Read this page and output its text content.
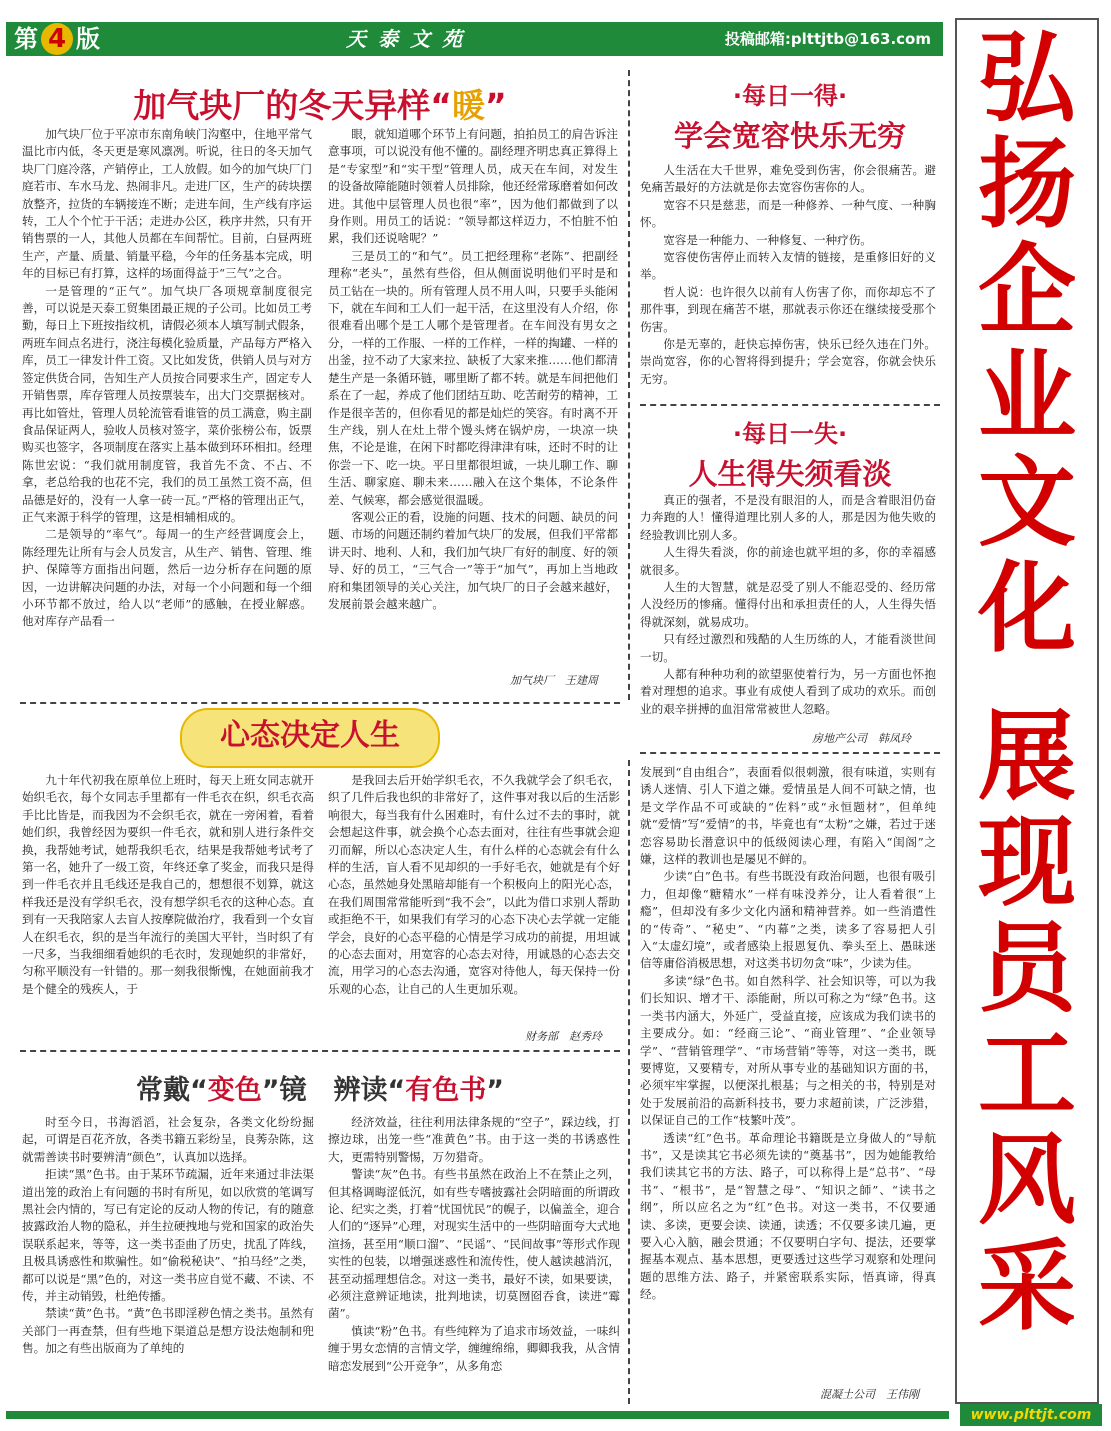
第 4 版	天泰文苑	投稿邮箱:plttjtb@163.com 弘
扬
企
业
文
化
展
现
员
工
风
采
加气块厂的冬天异样“暖”

加气块厂位于平凉市东南角峡门沟壑中，住地平常气温比市内低，冬天更是寒风凛冽。听说，往日的冬天加气块厂门庭冷落，产销停止，工人放假。如今的加气块厂门庭若市、车水马龙、热闹非凡。走进厂区，生产的砖块摆放整齐，拉货的车辆接连不断；走进车间，生产线有序运转，工人个个忙于干活；走进办公区，秩序井然，只有开销售票的一人，其他人员都在车间帮忙。目前，白昼两班生产，产量、质量、销量平稳，今年的任务基本完成，明年的目标已有打算，这样的场面得益于“三气”之合。

一是管理的“正气”。加气块厂各项规章制度很完善，可以说是天泰工贸集团最正规的子公司。比如员工考勤，每日上下班按指纹机，请假必须本人填写制式假条，两班车间点名进行，浇注每模化验质量，产品每方严格入库，员工一律发计件工资。又比如发货，供销人员与对方签定供货合同，告知生产人员按合同要求生产，固定专人开销售票，库存管理人员按票装车，出大门交票据核对。再比如管灶，管理人员轮流管看谁管的员工满意，购主副食品保证两人，验收人员核对签字，菜价张榜公布，饭票购买也签字，各项制度在落实上基本做到环环相扣。经理陈世宏说：“我们就用制度管，我首先不贪、不占、不拿，老总给我的也花不完，我们的员工虽然工资不高，但品德是好的，没有一人拿一砖一瓦。”严格的管理出正气，正气来源于科学的管理，这是相辅相成的。

二是领导的“率气”。每周一的生产经营调度会上，陈经理先让所有与会人员发言，从生产、销售、管理、维护、保障等方面指出问题，然后一边分析存在问题的原因，一边讲解决问题的办法，对每一个小问题和每一个细小环节都不放过，给人以“老师”的感触，在授业解惑。他对库存产品看一

眼，就知道哪个环节上有问题，拍拍员工的肩告诉注意事项，可以说没有他不懂的。副经理齐明忠真正算得上是“专家型”和“实干型”管理人员，成天在车间，对发生的设备故障能随时领着人员排除，他还经常琢磨着如何改进。其他中层管理人员也很“率”，因为他们都做到了以身作则。用员工的话说：“领导都这样迈力，不怕脏不怕累，我们还说啥呢？”

三是员工的“和气”。员工把经理称“老陈”、把副经理称“老头”，虽然有些俗，但从侧面说明他们平时是和员工钻在一块的。所有管理人员不用人叫，只要手头能闲下，就在车间和工人们一起干活，在这里没有人介绍，你很难看出哪个是工人哪个是管理者。在车间没有男女之分，一样的工作服、一样的工作样，一样的掏罐、一样的出釜，拉不动了大家来拉、缺板了大家来推……他们都清楚生产是一条循环链，哪里断了都不转。就是车间把他们系在了一起，养成了他们团结互助、吃苦耐劳的精神，工作是很辛苦的，但你看见的都是灿烂的笑容。有时离不开生产线，别人在灶上带个馒头烤在锅炉房，一块凉一块焦，不论是谁，在闲下时都吃得津津有味，还时不时的让你尝一下、吃一块。平日里都很坦诚，一块儿聊工作、聊生活、聊家庭、聊未来……融入在这个集体，不论条件差、气候寒，都会感觉很温暖。

客观公正的看，设施的问题、技术的问题、缺员的问题、市场的问题还制约着加气块厂的发展，但我们平常都讲天时、地利、人和，我们加气块厂有好的制度、好的领导、好的员工，“三气合一”等于“加气”，再加上当地政府和集团领导的关心关注，加气块厂的日子会越来越好，发展前景会越来越广。

加气块厂　王建周
·每日一得·
学会宽容快乐无穷

人生活在大千世界，难免受到伤害，你会很痛苦。避免痛苦最好的方法就是你去宽容伤害你的人。

宽容不只是慈悲，而是一种修养、一种气度、一种胸怀。

宽容是一种能力、一种修复、一种疗伤。

宽容使伤害停止而转入友情的链接，是重修旧好的义举。

哲人说：也许很久以前有人伤害了你，而你却忘不了那件事，到现在痛苦不堪，那就表示你还在继续接受那个伤害。

你是无辜的，赶快忘掉伤害，快乐已经久违在门外。崇尚宽容，你的心智将得到提升；学会宽容，你就会快乐无穷。

·每日一失·
人生得失须看淡

真正的强者，不是没有眼泪的人，而是含着眼泪仍奋力奔跑的人！懂得道理比别人多的人，那是因为他失败的经验教训比别人多。

人生得失看淡，你的前途也就平坦的多，你的幸福感就很多。

人生的大智慧，就是忍受了别人不能忍受的、经历常人没经历的惨痛。懂得付出和承担责任的人，人生得失悟得就深刻，就易成功。

只有经过激烈和残酷的人生历练的人，才能看淡世间一切。

人都有种种功利的欲望驱使着行为，另一方面也怀抱着对理想的追求。事业有成使人看到了成功的欢乐。而创业的艰辛拼搏的血泪常常被世人忽略。

房地产公司　韩凤玲
心态决定人生

九十年代初我在原单位上班时，每天上班女同志就开始织毛衣，每个女同志手里都有一件毛衣在织，织毛衣高手比比皆是，而我因为不会织毛衣，就在一旁闲着，看着她们织，我曾经因为要织一件毛衣，就和别人进行条件交换，我帮她考试，她帮我织毛衣，结果是我帮她考试考了第一名，她升了一级工资，年终还拿了奖金，而我只是得到一件毛衣并且毛线还是我自己的，想想很不划算，就这样我还是没有学织毛衣，没有想学织毛衣的这种心态。直到有一天我陪家人去盲人按摩院做治疗，我看到一个女盲人在织毛衣，织的是当年流行的美国大平针，当时织了有一尺多，当我细细看她织的毛衣时，发现她织的非常好，匀称平顺没有一针错的。那一刻我很惭愧，在她面前我才是个健全的残疾人，于

是我回去后开始学织毛衣，不久我就学会了织毛衣，织了几件后我也织的非常好了，这件事对我以后的生活影响很大，每当我有什么困难时，有什么过不去的事时，就会想起这件事，就会换个心态去面对，往往有些事就会迎刃而解，所以心态决定人生，有什么样的心态就会有什么样的生活，盲人看不见却织的一手好毛衣，她就是有个好心态，虽然她身处黑暗却能有一个积极向上的阳光心态，在我们周围常常能听到“我不会”，以此为借口求别人帮助或拒绝不干，如果我们有学习的心态下决心去学就一定能学会，良好的心态平稳的心情是学习成功的前提，用坦诚的心态去面对，用宽容的心态去对待，用诚恳的心态去交流，用学习的心态去沟通，宽容对待他人，每天保持一份乐观的心态，让自己的人生更加乐观。

财务部　赵秀玲
常戴“变色”镜　辨读“有色书”

时至今日，书海滔滔，社会复杂，各类文化纷纷掘起，可谓是百花齐放，各类书籍五彩纷呈，良莠杂陈，这就需善读书时要辨清“颜色”，认真加以选择。

拒读“黑”色书。由于某环节疏漏，近年来通过非法渠道出笼的政治上有问题的书时有所见，如以欣赏的笔调写黑社会内情的，写已有定论的反动人物的传记，有的随意披露政治人物的隐私，并生拉硬拽地与党和国家的政治失误联系起来，等等，这一类书歪曲了历史，扰乱了阵线，且极具诱惑性和欺骗性。如“偷税秘诀”、“拍马经”之类，都可以说是“黑”色的，对这一类书应自觉不藏、不读、不传，并主动销毁，杜绝传播。

禁读“黄”色书。“黄”色书即淫秽色情之类书。虽然有关部门一再查禁，但有些地下渠道总是想方设法炮制和兜售。加之有些出版商为了单纯的

经济效益，往往利用法律条规的“空子”，踩边线，打擦边球，出笼一些“准黄色”书。由于这一类的书诱惑性大，更需特别警惕，万勿猎奇。

警读“灰”色书。有些书虽然在政治上不在禁止之列，但其格调晦涩低沉，如有些专嗜披露社会阴暗面的所谓政论、纪实之类，打着“忧国忧民”的幌子，以偏盖全，迎合人们的“逐异”心理，对现实生活中的一些阴暗面夸大式地渲扬，甚至用“顺口溜”、“民谣”、“民间故事”等形式作现实性的包装，以增强迷惑性和流传性，使人越读越消沉，甚至动摇理想信念。对这一类书，最好不读，如果要读，必须注意辨证地读，批判地读，切莫囫囵吞食，读进“霉菌”。

慎读“粉”色书。有些纯粹为了追求市场效益，一味纠缠于男女恋情的言情文学，缠缠绵绵，卿卿我我，从含情暗恋发展到“公开竞争”，从多角恋

发展到“自由组合”，表面看似很刺激，很有味道，实则有诱人迷情、引人下道之嫌。爱情虽是人间不可缺之情，也是文学作品不可或缺的“佐料”或“永恒题材”，但单纯就“爱情”写“爱情”的书，毕竟也有“太粉”之嫌，若过于迷恋容易助长潜意识中的低级阅读心理，有陷入“闺阁”之嫌，这样的教训也是屡见不鲜的。

少读“白”色书。有些书既没有政治问题，也很有吸引力，但却像“糖精水”一样有味没养分，让人看着很“上瘾”，但却没有多少文化内涵和精神营养。如一些消遣性的“传奇”、“秘史”、“内幕”之类，读多了容易把人引入“太虚幻境”，或者感染上报恩复仇、拳头至上、愚昧迷信等庸俗消极思想，对这类书切勿贪“味”，少读为佳。

多读“绿”色书。如自然科学、社会知识等，可以为我们长知识、增才干、添能耐，所以可称之为“绿”色书。这一类书内涵大，外延广，受益直接，应该成为我们读书的主要成分。如：“经商三论”、“商业管理”、“企业领导学”、“营销管理学”、“市场营销”等等，对这一类书，既要博览，又要精专，对所从事专业的基础知识方面的书，必须牢牢掌握，以便深扎根基；与之相关的书，特别是对处于发展前沿的高新科技书，要力求超前读，广泛涉猎，以保证自己的工作“枝繁叶茂”。

透读“红”色书。革命理论书籍既是立身做人的“导航书”，又是读其它书必须先读的“奠基书”，因为她能教给我们读其它书的方法、路子，可以称得上是“总书”、“母书”、“根书”，是“智慧之母”、“知识之師”、“读书之纲”，所以应名之为“红”色书。对这一类书，不仅要通读、多读，更要会读、读通，读透；不仅要多读几遍，更要入心入脑，融会贯通；不仅要明白字句、提法，还要掌握基本观点、基本思想，更要透过这些学习观察和处理问题的思维方法、路子，并紧密联系实际，悟真谛，得真经。

混凝土公司　王伟刚
www.plttjt.com
